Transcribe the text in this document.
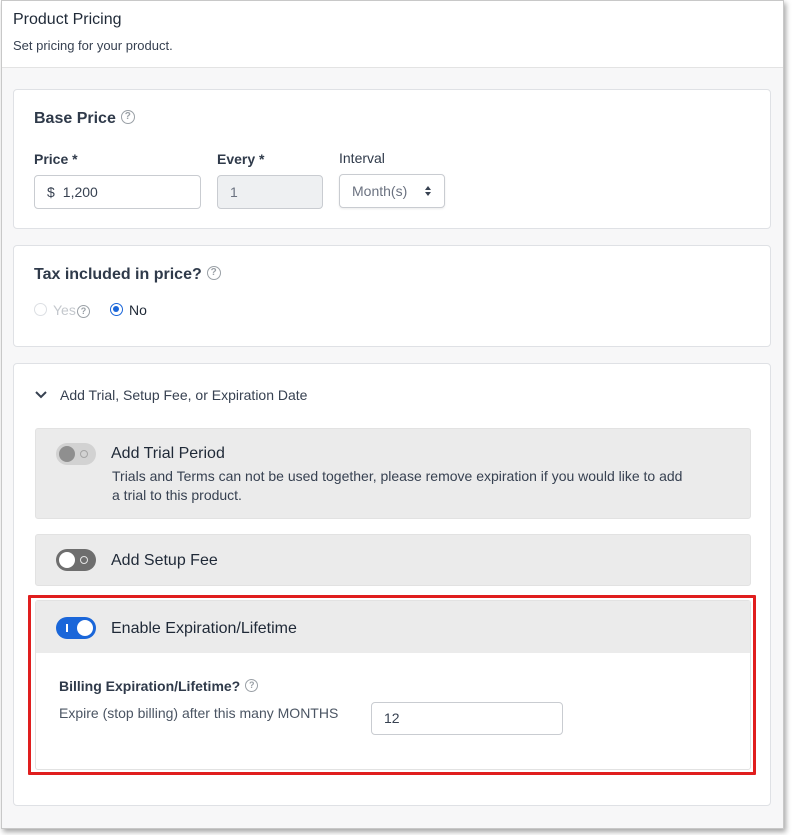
Product Pricing
Set pricing for your product.
Base Price ?
Price *
$ 1,200
Every *
1
Interval
Month(s)
Tax included in price? ?
Yes ?	No
Add Trial, Setup Fee, or Expiration Date
Add Trial Period
Trials and Terms can not be used together, please remove expiration if you would like to add
a trial to this product.
Add Setup Fee
Enable Expiration/Lifetime
Billing Expiration/Lifetime? ?
Expire (stop billing) after this many MONTHS	12
